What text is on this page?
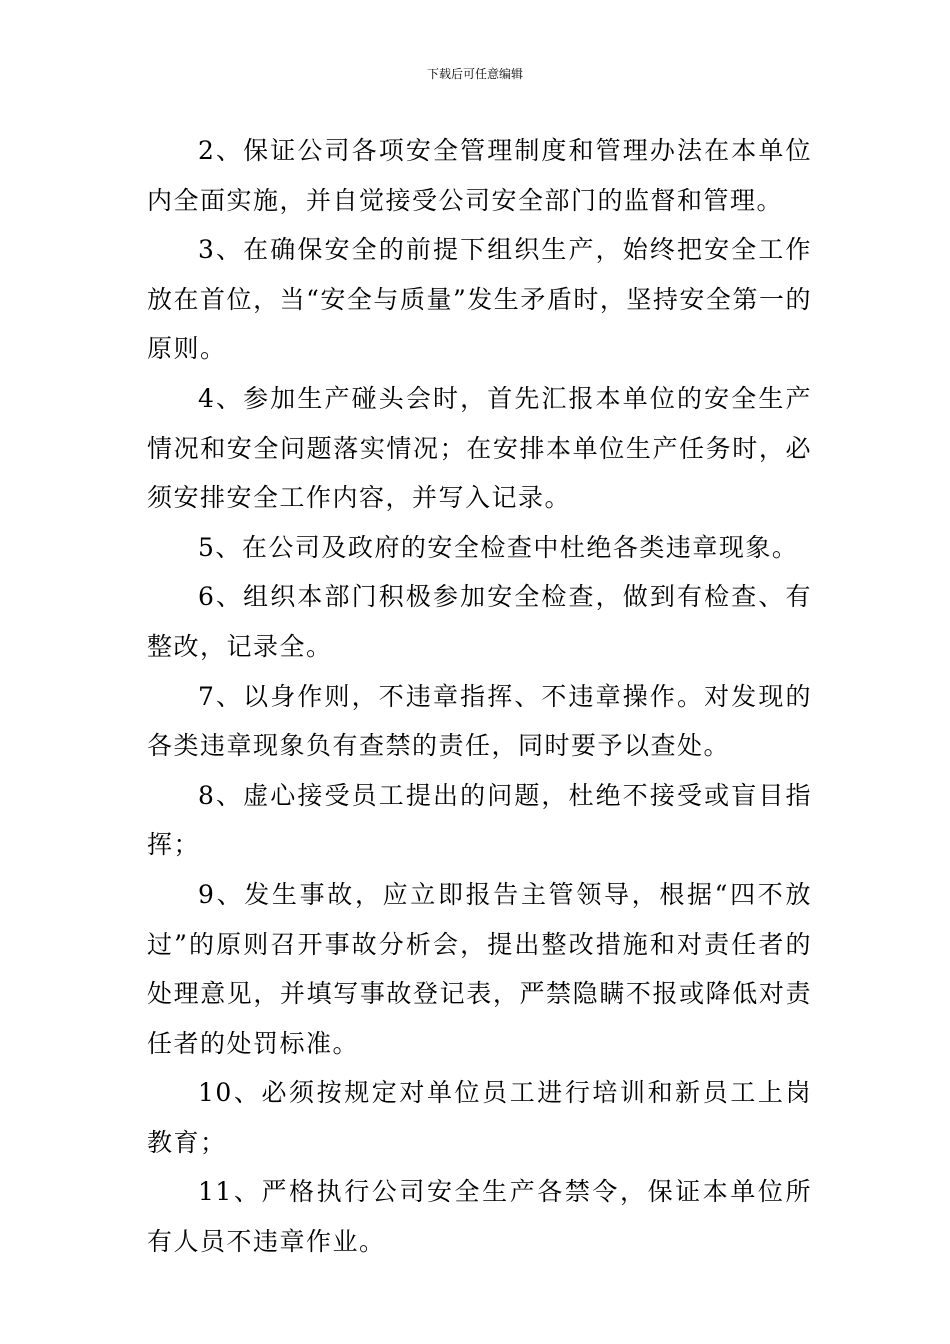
下载后可任意编辑

2、保证公司各项安全管理制度和管理办法在本单位内全面实施，并自觉接受公司安全部门的监督和管理。

3、在确保安全的前提下组织生产，始终把安全工作放在首位，当“安全与质量”发生矛盾时，坚持安全第一的原则。

4、参加生产碰头会时，首先汇报本单位的安全生产情况和安全问题落实情况；在安排本单位生产任务时，必须安排安全工作内容，并写入记录。

5、在公司及政府的安全检查中杜绝各类违章现象。

6、组织本部门积极参加安全检查，做到有检查、有整改，记录全。

7、以身作则，不违章指挥、不违章操作。对发现的各类违章现象负有查禁的责任，同时要予以查处。

8、虚心接受员工提出的问题，杜绝不接受或盲目指挥；

9、发生事故，应立即报告主管领导，根据“四不放过”的原则召开事故分析会，提出整改措施和对责任者的处理意见，并填写事故登记表，严禁隐瞒不报或降低对责任者的处罚标准。

10、必须按规定对单位员工进行培训和新员工上岗教育；

11、严格执行公司安全生产各禁令，保证本单位所有人员不违章作业。
